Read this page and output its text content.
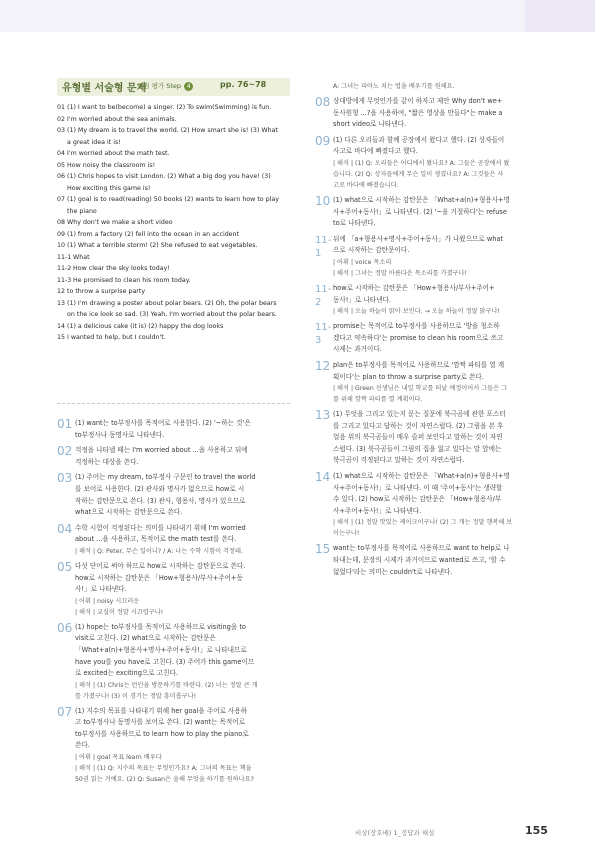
유형별 서술형 문제
단원 평가 Step 4	pp. 76~78
01 (1) I want to be(become) a singer. (2) To swim(Swimming) is fun.
02 I'm worried about the sea animals.
03 (1) My dream is to travel the world. (2) How smart she is! (3) What
a great idea it is!
04 I'm worried about the math test.
05 How noisy the classroom is!
06 (1) Chris hopes to visit London. (2) What a big dog you have! (3)
How exciting this game is!
07 (1) goal is to read(reading) 50 books (2) wants to learn how to play
the piano
08 Why don't we make a short video
09 (1) from a factory (2) fell into the ocean in an accident
10 (1) What a terrible storm! (2) She refused to eat vegetables.
11-1 What
11-2 How clear the sky looks today!
11-3 He promised to clean his room today.
12 to throw a surprise party
13 (1) I'm drawing a poster about polar bears. (2) Oh, the polar bears
on the ice look so sad. (3) Yeah, I'm worried about the polar bears.
14 (1) a delicious cake (it is) (2) happy the dog looks
15 I wanted to help, but I couldn't.
01 (1) want는 to부정사를 목적어로 사용한다. (2) '~하는 것'은
to부정사나 동명사로 나타낸다.
02 걱정을 나타낼 때는 I'm worried about ...을 사용하고 뒤에
걱정하는 대상을 쓴다.
03 (1) 주어는 my dream, to부정사 구문인 to travel the world
를 보어로 사용한다. (2) 관사와 명사가 없으므로 how로 시
작하는 감탄문으로 쓴다. (3) 관사, 형용사, 명사가 있으므로
what으로 시작하는 감탄문으로 쓴다.
04 수학 시험이 걱정된다는 의미를 나타내기 위해 I'm worried
about ...을 사용하고, 목적어로 the math test를 쓴다.
| 해석 | Q: Peter, 무슨 일이니? / A: 나는 수학 시험이 걱정돼.
05 다섯 단어로 써야 하므로 how로 시작하는 감탄문으로 쓴다.
how로 시작하는 감탄문은 「How+형용사/부사+주어+동
사!」로 나타낸다.
| 어휘 | noisy 시끄러운
| 해석 | 교실이 정말 시끄럽구나!
06 (1) hope는 to부정사를 목적어로 사용하므로 visiting을 to
visit로 고친다. (2) what으로 시작하는 감탄문은
「What+a(n)+형용사+명사+주어+동사!」로 나타내므로
have you를 you have로 고친다. (3) 주어가 this game이므
로 excited는 exciting으로 고친다.
| 해석 | (1) Chris는 런던을 방문하기를 바란다. (2) 너는 정말 큰 개
를 가졌구나! (3) 이 경기는 정말 흥미롭구나!
07 (1) 지수의 목표를 나타내기 위해 her goal을 주어로 사용하
고 to부정사나 동명사를 보어로 쓴다. (2) want는 목적어로
to부정사를 사용하므로 to learn how to play the piano로
쓴다.
| 어휘 | goal 목표 learn 배우다
| 해석 | (1) Q: 지수의 목표는 무엇인가요? A: 그녀의 목표는 책을
50권 읽는 거예요. (2) Q: Susan은 올해 무엇을 하기를 원하나요?
A: 그녀는 피아노 치는 법을 배우기를 원해요.
08 상대방에게 무엇인가를 같이 하자고 제안 Why don't we+
동사원형 ...?을 사용하여, "짧은 영상을 만들다"는 make a
short video로 나타낸다.
09 (1) 다른 오리들과 함께 공장에서 왔다고 했다. (2) 상자들이
사고로 바다에 빠졌다고 했다.
| 해석 | (1) Q: 오리들은 어디에서 왔나요? A: 그들은 공장에서 왔
습니다. (2) Q: 상자들에게 무슨 일이 생겼나요? A: 그것들은 사
고로 바다에 빠졌습니다.
10 (1) what으로 시작하는 감탄문은 「What+a(n)+형용사+명
사+주어+동사!」로 나타낸다. (2) '~을 거절하다'는 refuse
to로 나타낸다.
11-1
뒤에 「a+형용사+명사+주어+동사」가 나왔으므로 what
으로 시작하는 감탄문이다.
| 어휘 | voice 목소리
| 해석 | 그녀는 정말 아름다운 목소리를 가졌구나!
11-2
how로 시작하는 감탄문은 「How+형용사/부사+주어+
동사!」로 나타낸다.
| 해석 | 오늘 하늘이 맑아 보인다. → 오늘 하늘이 정말 맑구나!
11-3
promise는 목적어로 to부정사를 사용하므로 '방을 청소하
겠다고 약속하다'는 promise to clean his room으로 쓰고
시제는 과거이다.
12 plan은 to부정사를 목적어로 사용하므로 '깜짝 파티를 열 계
획이다'는 plan to throw a surprise party로 쓴다.
| 해석 | Green 선생님은 내일 학교를 떠날 예정이어서 그들은 그
를 위해 깜짝 파티를 열 계획이다.
13 (1) 무엇을 그리고 있는지 묻는 질문에 북극곰에 관한 포스터
를 그리고 있다고 답하는 것이 자연스럽다. (2) 그림을 본 후
얼음 위의 북극곰들이 매우 슬퍼 보인다고 말하는 것이 자연
스럽다. (3) 북극곰들이 그림의 집을 잃고 있다는 말 앞에는
북극곰이 걱정된다고 말하는 것이 자연스럽다.
14 (1) what으로 시작하는 감탄문은 「What+a(n)+형용사+명
사+주어+동사!」로 나타낸다. 이 때 '주어+동사'는 생략할
수 있다. (2) how로 시작하는 감탄문은 「How+형용사/부
사+주어+동사!」로 나타낸다.
| 해석 | (1) 정말 맛있는 케이크이구나! (2) 그 개는 정말 행복해 보
이는구나!
15 want는 to부정사를 목적어로 사용하므로 want to help로 나
타내는데, 문장의 시제가 과거이므로 wanted로 쓰고, '할 수
없었다'라는 의미는 couldn't로 나타낸다.
비상(장호배) 1_정답과 해설	155
